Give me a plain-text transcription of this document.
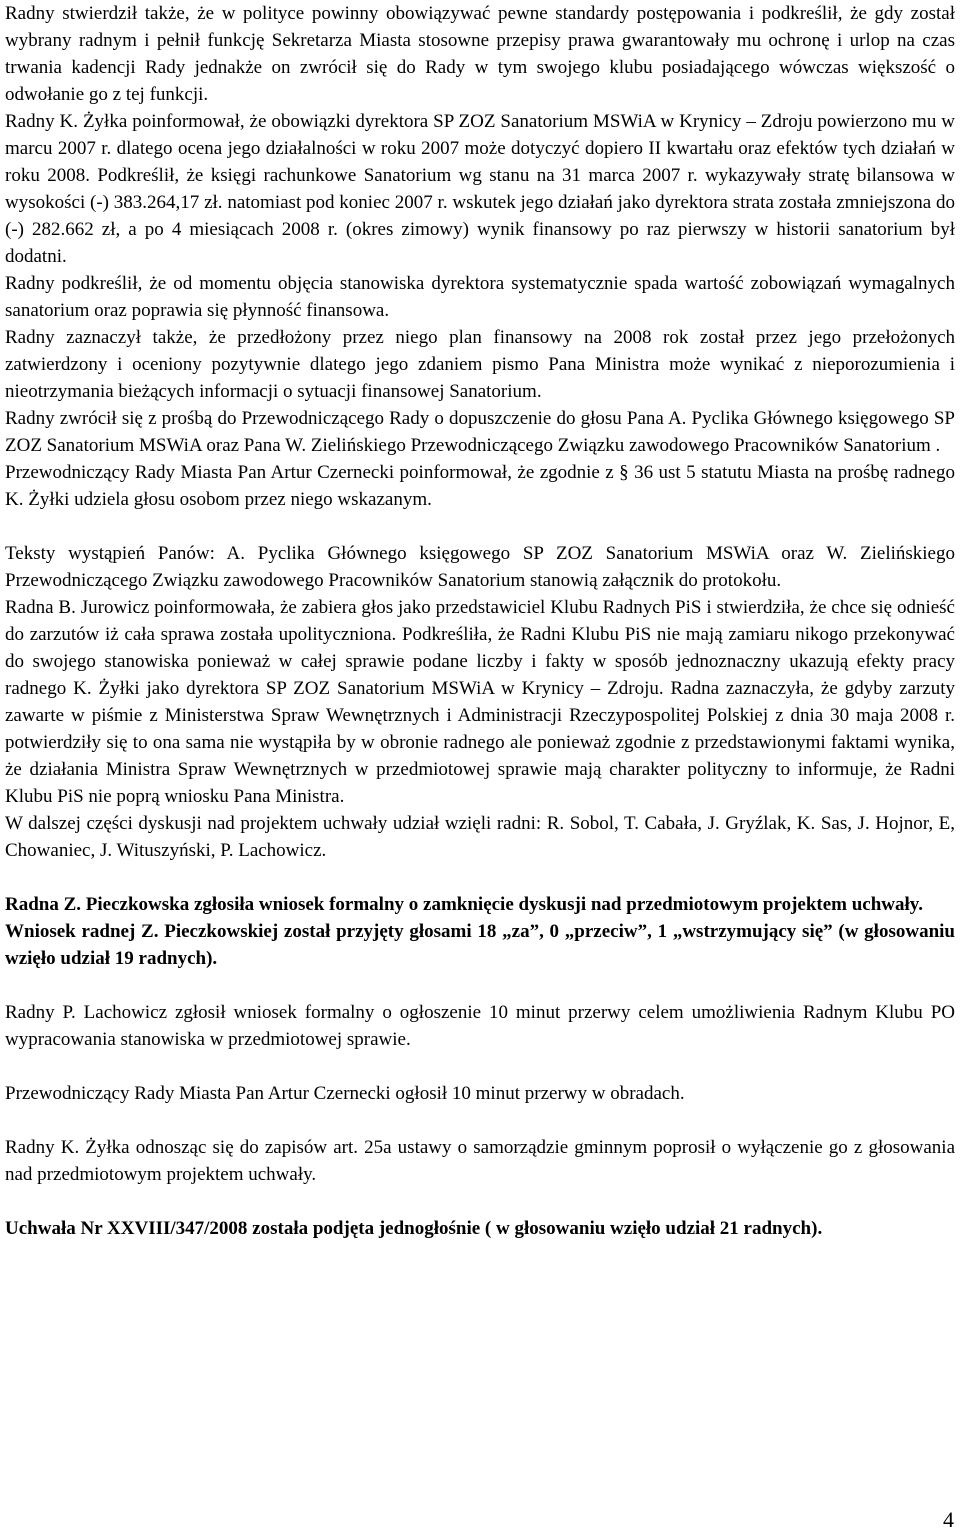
Radny stwierdził także, że w polityce powinny obowiązywać pewne standardy postępowania i podkreślił, że gdy został wybrany radnym i pełnił funkcję Sekretarza Miasta stosowne przepisy prawa gwarantowały mu ochronę i urlop na czas trwania kadencji Rady jednakże on zwrócił się do Rady w tym swojego klubu posiadającego wówczas większość o odwołanie go z tej funkcji.

Radny K. Żyłka poinformował, że obowiązki dyrektora SP ZOZ Sanatorium MSWiA w Krynicy – Zdroju powierzono mu w marcu 2007 r. dlatego ocena jego działalności w roku 2007 może dotyczyć dopiero II kwartału oraz efektów tych działań w roku 2008. Podkreślił, że księgi rachunkowe Sanatorium wg stanu na 31 marca 2007 r. wykazywały stratę bilansowa w wysokości (-) 383.264,17 zł. natomiast pod koniec 2007 r. wskutek jego działań jako dyrektora strata została zmniejszona do (-) 282.662 zł, a po 4 miesiącach 2008 r. (okres zimowy) wynik finansowy po raz pierwszy w historii sanatorium był dodatni.

Radny podkreślił, że od momentu objęcia stanowiska dyrektora systematycznie spada wartość zobowiązań wymagalnych sanatorium oraz poprawia się płynność finansowa.

Radny zaznaczył także, że przedłożony przez niego plan finansowy na 2008 rok został przez jego przełożonych zatwierdzony i oceniony pozytywnie dlatego jego zdaniem pismo Pana Ministra może wynikać z nieporozumienia i nieotrzymania bieżących informacji o sytuacji finansowej Sanatorium.

Radny zwrócił się z prośbą do Przewodniczącego Rady o dopuszczenie do głosu Pana A. Pyclika Głównego księgowego SP ZOZ Sanatorium MSWiA oraz Pana W. Zielińskiego Przewodniczącego Związku zawodowego Pracowników Sanatorium .

Przewodniczący Rady Miasta Pan Artur Czernecki poinformował, że zgodnie z § 36 ust 5 statutu Miasta na prośbę radnego K. Żyłki udziela głosu osobom przez niego wskazanym.

Teksty wystąpień Panów: A. Pyclika Głównego księgowego SP ZOZ Sanatorium MSWiA oraz W. Zielińskiego Przewodniczącego Związku zawodowego Pracowników Sanatorium stanowią załącznik do protokołu.

Radna B. Jurowicz poinformowała, że zabiera głos jako przedstawiciel Klubu Radnych PiS i stwierdziła, że chce się odnieść do zarzutów iż cała sprawa została upolityczniona. Podkreśliła, że Radni Klubu PiS nie mają zamiaru nikogo przekonywać do swojego stanowiska ponieważ w całej sprawie podane liczby i fakty w sposób jednoznaczny ukazują efekty pracy radnego K. Żyłki jako dyrektora SP ZOZ Sanatorium MSWiA w Krynicy – Zdroju. Radna zaznaczyła, że gdyby zarzuty zawarte w piśmie z Ministerstwa Spraw Wewnętrznych i Administracji Rzeczypospolitej Polskiej z dnia 30 maja 2008 r. potwierdziły się to ona sama nie wystąpiła by w obronie radnego ale ponieważ zgodnie z przedstawionymi faktami wynika, że działania Ministra Spraw Wewnętrznych w przedmiotowej sprawie mają charakter polityczny to informuje, że Radni Klubu PiS nie poprą wniosku Pana Ministra.

W dalszej części dyskusji nad projektem uchwały udział wzięli radni: R. Sobol, T. Cabała, J. Gryźlak, K. Sas, J. Hojnor, E, Chowaniec, J. Wituszyński, P. Lachowicz.

Radna Z. Pieczkowska zgłosiła wniosek formalny o zamknięcie dyskusji nad przedmiotowym projektem uchwały.

Wniosek radnej Z. Pieczkowskiej został przyjęty głosami 18 „za”, 0 „przeciw”, 1 „wstrzymujący się” (w głosowaniu wzięło udział 19 radnych).

Radny P. Lachowicz zgłosił wniosek formalny o ogłoszenie 10 minut przerwy celem umożliwienia Radnym Klubu PO wypracowania stanowiska w przedmiotowej sprawie.

Przewodniczący Rady Miasta Pan Artur Czernecki ogłosił 10 minut przerwy w obradach.

Radny K. Żyłka odnosząc się do zapisów art. 25a ustawy o samorządzie gminnym poprosił o wyłączenie go z głosowania nad przedmiotowym projektem uchwały.

Uchwała Nr XXVIII/347/2008 została podjęta jednogłośnie ( w głosowaniu wzięło udział 21 radnych).

4
